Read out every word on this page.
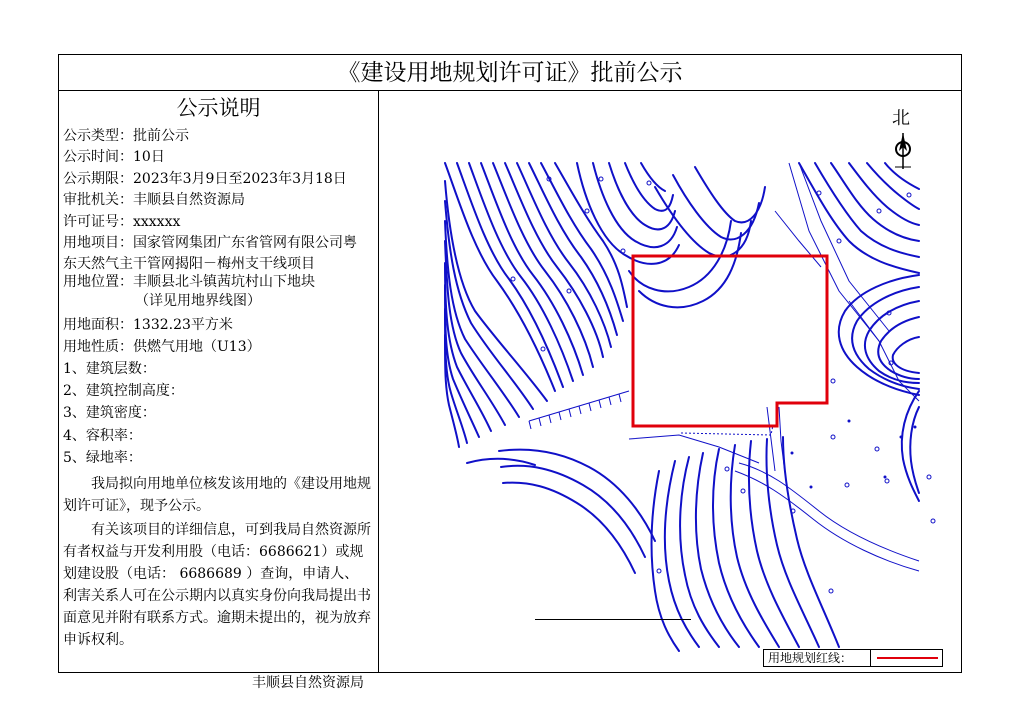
《建设用地规划许可证》批前公示
公示说明
公示类型：批前公示
公示时间：10日
公示期限：2023年3月9日至2023年3月18日
审批机关：丰顺县自然资源局
许可证号：xxxxxx
用地项目：国家管网集团广东省管网有限公司粤
东天然气主干管网揭阳－梅州支干线项目
用地位置：丰顺县北斗镇茜坑村山下地块
（详见用地界线图）
用地面积：1332.23平方米
用地性质：供燃气用地（U13）
1、建筑层数：
2、建筑控制高度：
3、建筑密度：
4、容积率：
5、绿地率：
我局拟向用地单位核发该用地的《建设用地规划许可证》，现予公示。
有关该项目的详细信息，可到我局自然资源所有者权益与开发利用股（电话：6686621）或规划建设股（电话： 6686689 ）查询，申请人、利害关系人可在公示期内以真实身份向我局提出书面意见并附有联系方式。逾期未提出的，视为放弃申诉权利。
丰顺县自然资源局
北
用地规划红线：
